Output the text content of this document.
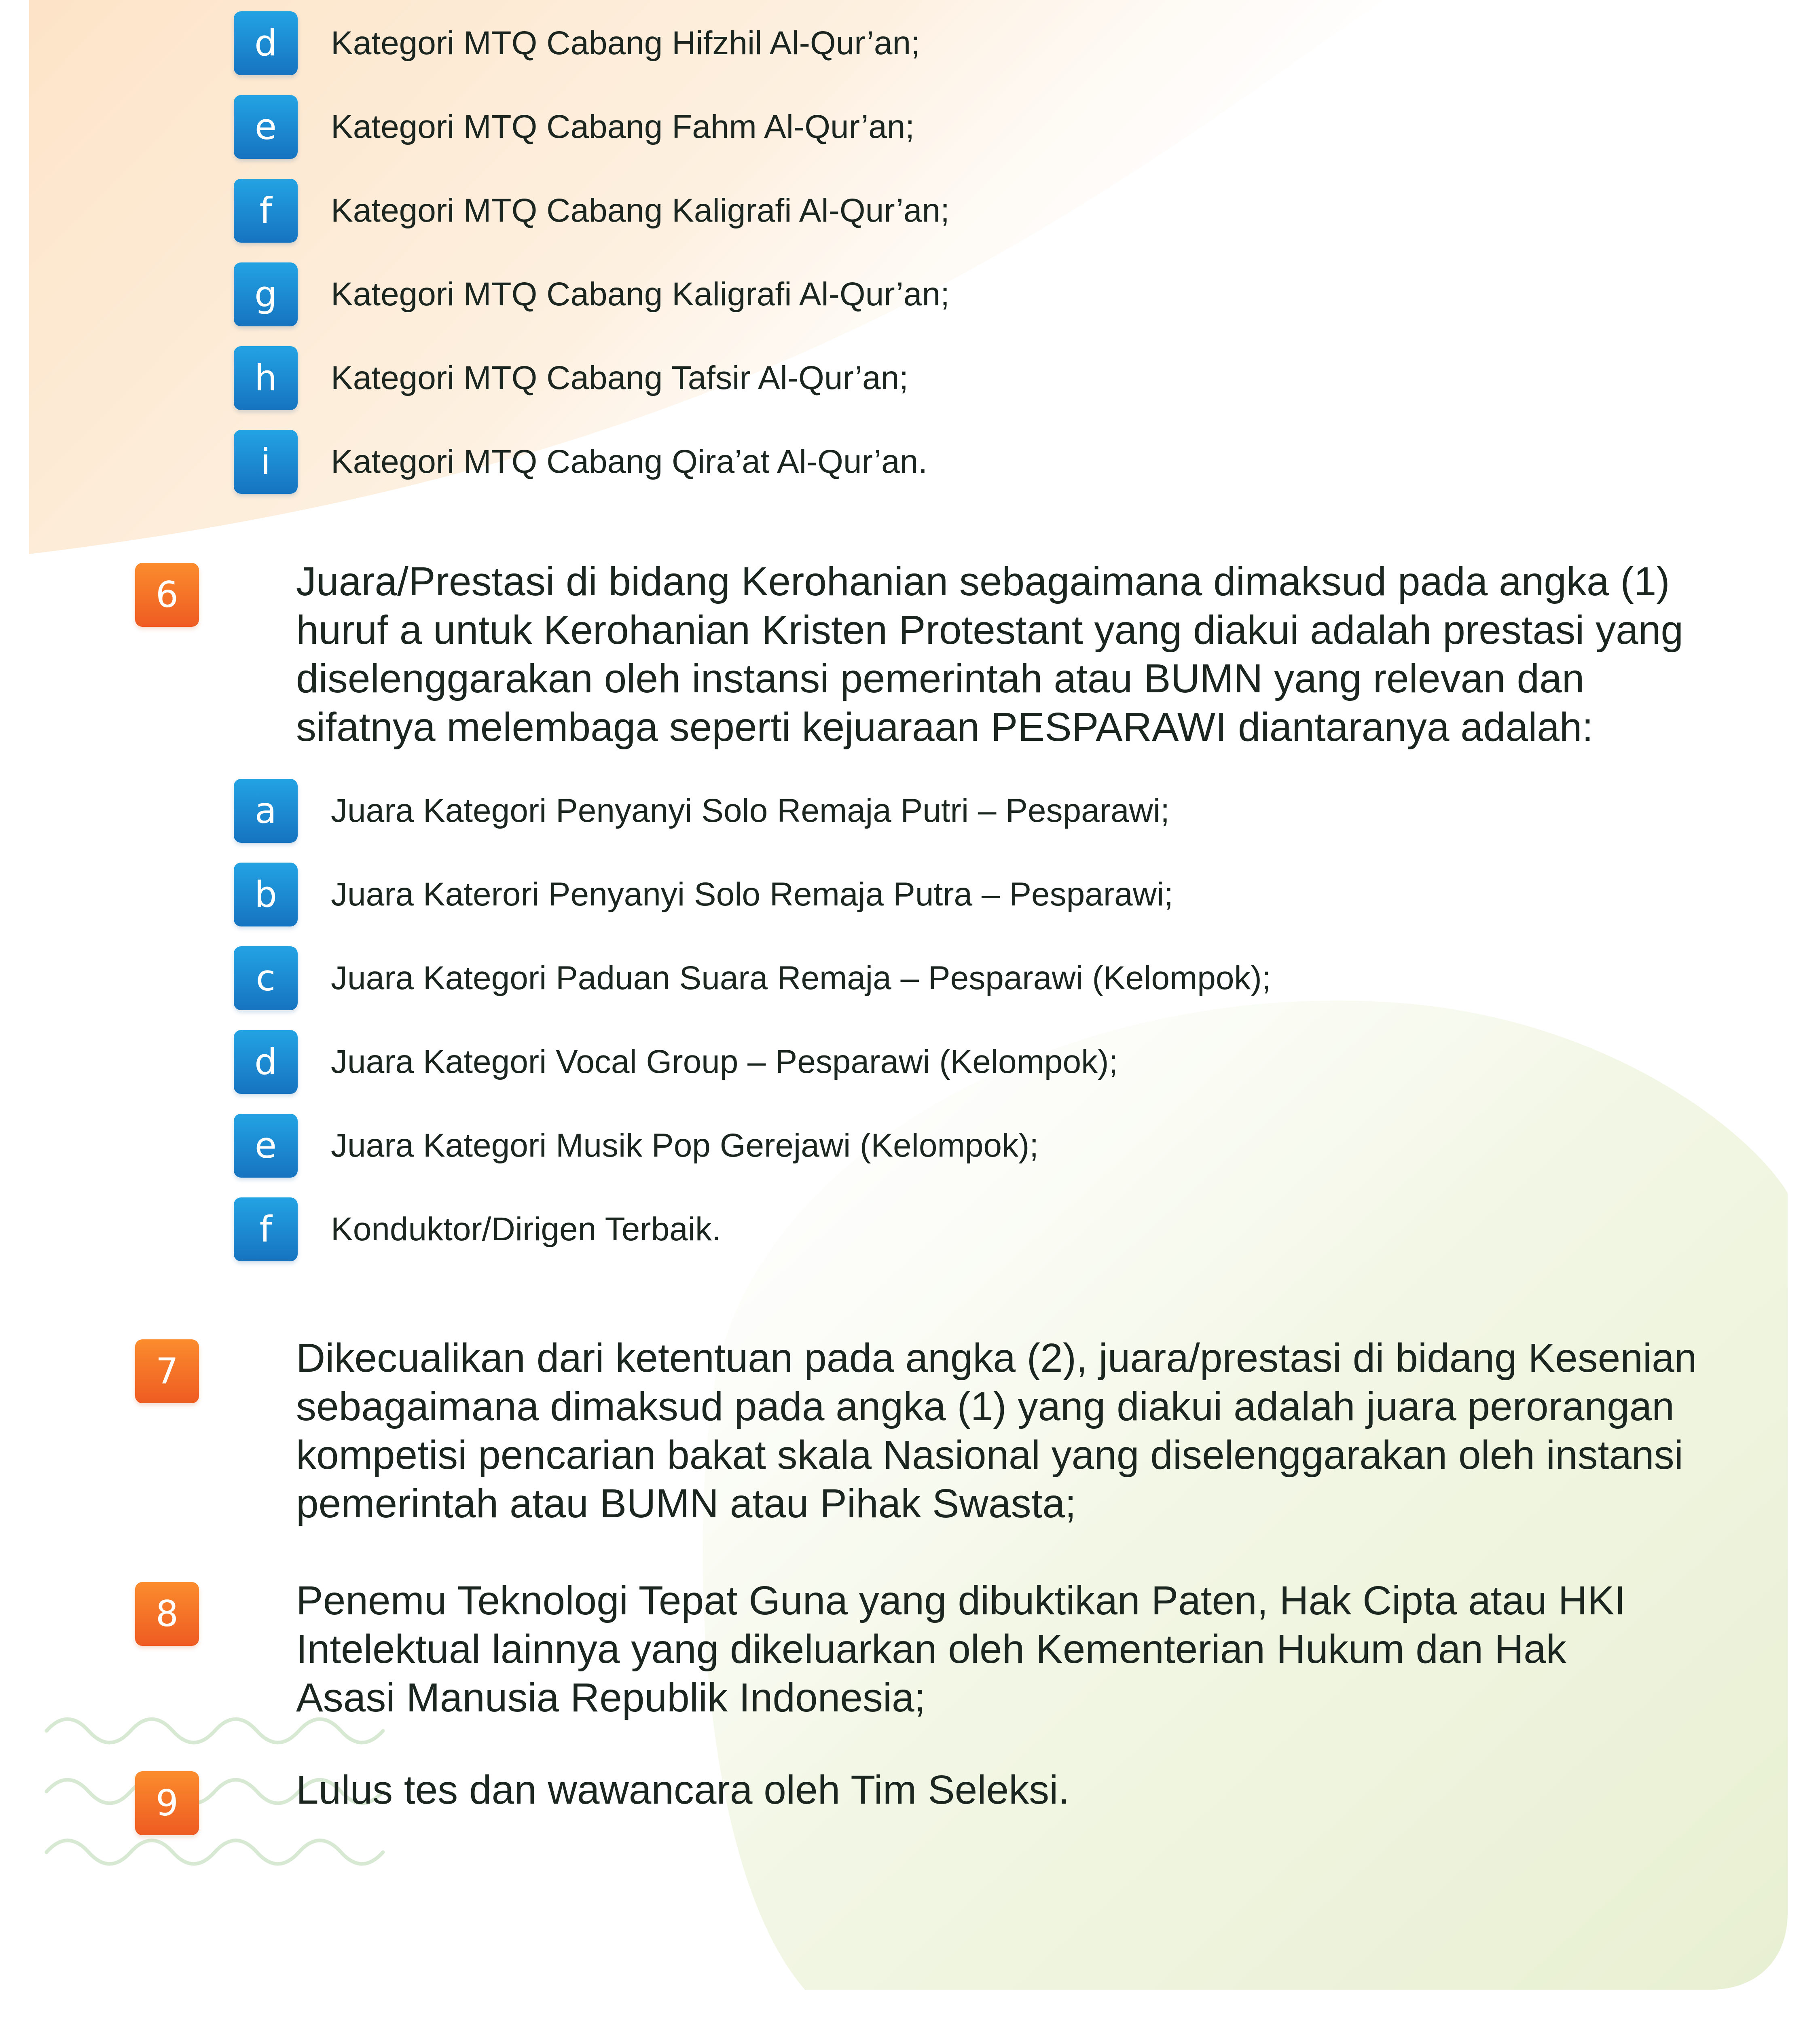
d	Kategori MTQ Cabang Hifzhil Al-Qur’an;
e	Kategori MTQ Cabang Fahm Al-Qur’an;
f	Kategori MTQ Cabang Kaligrafi Al-Qur’an;
g	Kategori MTQ Cabang Kaligrafi Al-Qur’an;
h	Kategori MTQ Cabang Tafsir Al-Qur’an;
i	Kategori MTQ Cabang Qira’at Al-Qur’an.
6	Juara/Prestasi di bidang Kerohanian sebagaimana dimaksud pada angka (1)
huruf a untuk Kerohanian Kristen Protestant yang diakui adalah prestasi yang
diselenggarakan oleh instansi pemerintah atau BUMN yang relevan dan
sifatnya melembaga seperti kejuaraan PESPARAWI diantaranya adalah:
a	Juara Kategori Penyanyi Solo Remaja Putri – Pesparawi;
b	Juara Katerori Penyanyi Solo Remaja Putra – Pesparawi;
c	Juara Kategori Paduan Suara Remaja – Pesparawi (Kelompok);
d	Juara Kategori Vocal Group – Pesparawi (Kelompok);
e	Juara Kategori Musik Pop Gerejawi (Kelompok);
f	Konduktor/Dirigen Terbaik.
7	Dikecualikan dari ketentuan pada angka (2), juara/prestasi di bidang Kesenian
sebagaimana dimaksud pada angka (1) yang diakui adalah juara perorangan
kompetisi pencarian bakat skala Nasional yang diselenggarakan oleh instansi
pemerintah atau BUMN atau Pihak Swasta;
8	Penemu Teknologi Tepat Guna yang dibuktikan Paten, Hak Cipta atau HKI
Intelektual lainnya yang dikeluarkan oleh Kementerian Hukum dan Hak
Asasi Manusia Republik Indonesia;
9	Lulus tes dan wawancara oleh Tim Seleksi.
